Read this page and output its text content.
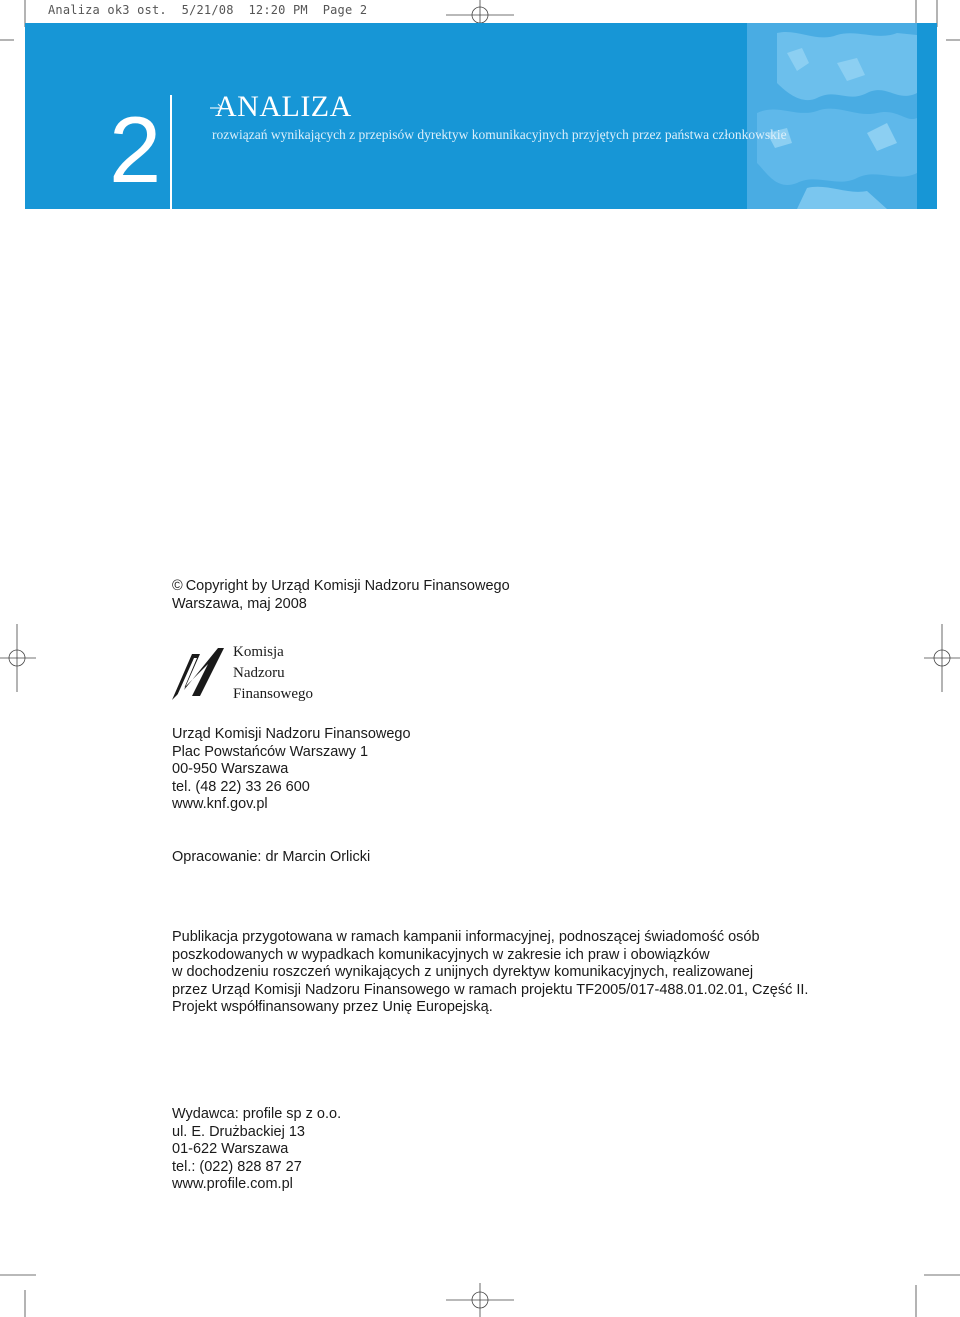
Analiza ok3 ost.  5/21/08  12:20 PM  Page 2
2 ANALIZA
rozwiązań wynikających z przepisów dyrektyw komunikacyjnych przyjętych przez państwa członkowskie

© Copyright by Urząd Komisji Nadzoru Finansowego

Warszawa, maj 2008

Komisja
Nadzoru
Finansowego

Urząd Komisji Nadzoru Finansowego

Plac Powstańców Warszawy 1

00-950 Warszawa

tel. (48 22) 33 26 600

www.knf.gov.pl

Opracowanie: dr Marcin Orlicki

Publikacja przygotowana w ramach kampanii informacyjnej, podnoszącej świadomość osób

poszkodowanych w wypadkach komunikacyjnych w zakresie ich praw i obowiązków

w dochodzeniu roszczeń wynikających z unijnych dyrektyw komunikacyjnych, realizowanej

przez Urząd Komisji Nadzoru Finansowego w ramach projektu TF2005/017-488.01.02.01, Część II.

Projekt współfinansowany przez Unię Europejską.

Wydawca: profile sp z o.o.

ul. E. Drużbackiej 13

01-622 Warszawa

tel.: (022) 828 87 27

www.profile.com.pl
